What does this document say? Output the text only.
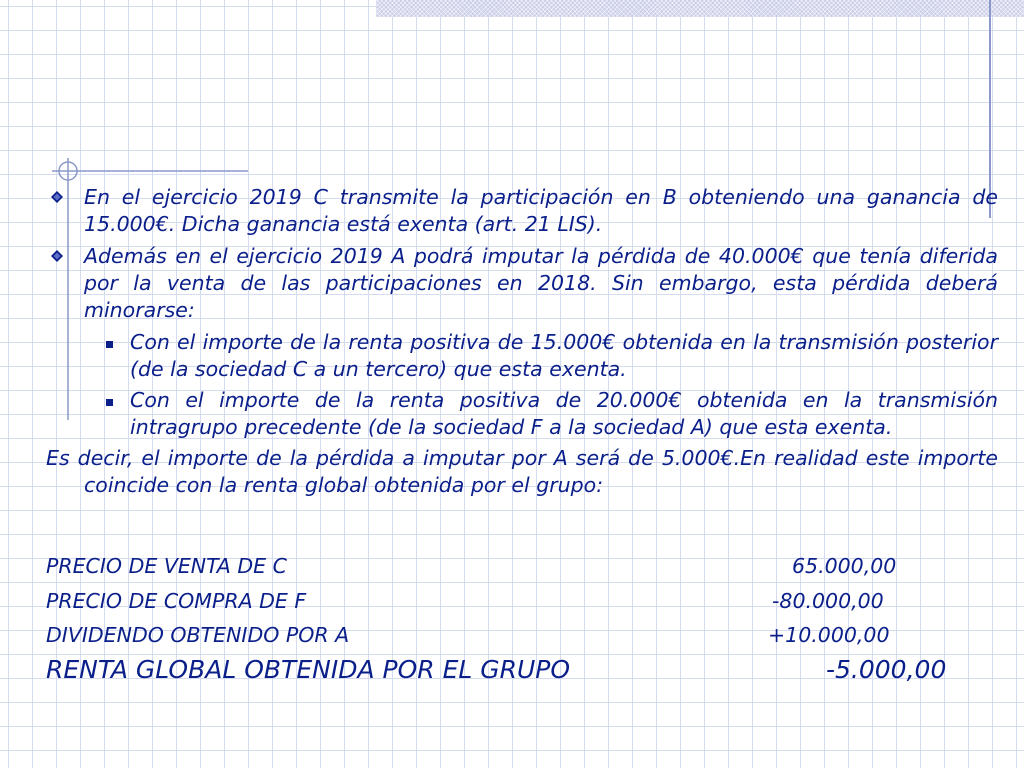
En el ejercicio 2019 C transmite la participación en B obteniendo una ganancia de 15.000€. Dicha ganancia está exenta (art. 21 LIS).
Además en el ejercicio 2019 A podrá imputar la pérdida de 40.000€ que tenía diferida por la venta de las participaciones en 2018. Sin embargo, esta pérdida deberá minorarse:
Con el importe de la renta positiva de 15.000€ obtenida en la transmisión posterior (de la sociedad C a un tercero) que esta exenta.
Con el importe de la renta positiva de 20.000€ obtenida en la transmisión intragrupo precedente (de la sociedad F a la sociedad A) que esta exenta.
Es decir, el importe de la pérdida a imputar por A será de 5.000€.En realidad este importe coincide con la renta global obtenida por el grupo:
PRECIO DE VENTA DE C	65.000,00
PRECIO DE COMPRA DE F	-80.000,00
DIVIDENDO OBTENIDO POR A	+10.000,00
RENTA GLOBAL OBTENIDA POR EL GRUPO	-5.000,00
